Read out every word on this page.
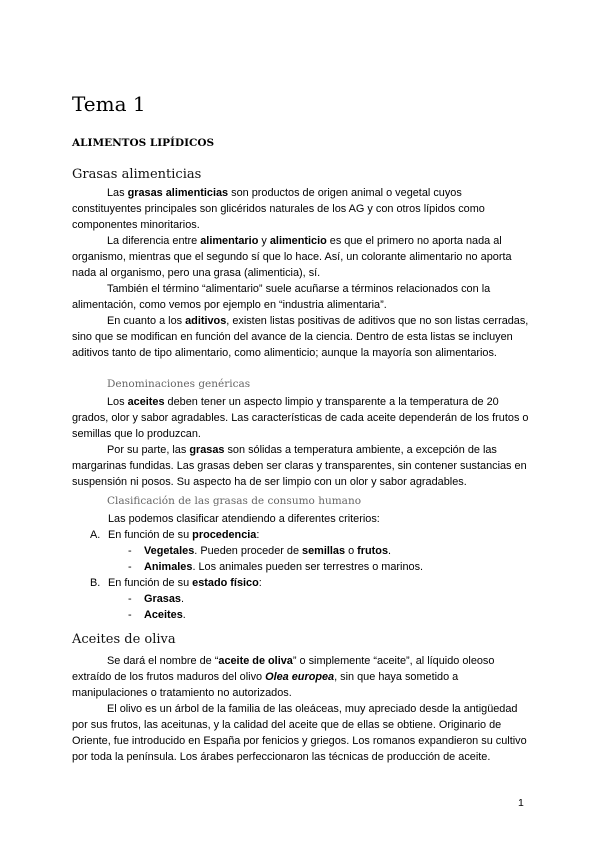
Tema 1
ALIMENTOS LIPÍDICOS
Grasas alimenticias

Las grasas alimenticias son productos de origen animal o vegetal cuyos constituyentes principales son glicéridos naturales de los AG y con otros lípidos como componentes minoritarios.

La diferencia entre alimentario y alimenticio es que el primero no aporta nada al organismo, mientras que el segundo sí que lo hace. Así, un colorante alimentario no aporta nada al organismo, pero una grasa (alimenticia), sí.

También el término “alimentario” suele acuñarse a términos relacionados con la alimentación, como vemos por ejemplo en “industria alimentaria”.

En cuanto a los aditivos, existen listas positivas de aditivos que no son listas cerradas, sino que se modifican en función del avance de la ciencia. Dentro de esta listas se incluyen aditivos tanto de tipo alimentario, como alimenticio; aunque la mayoría son alimentarios.

Denominaciones genéricas

Los aceites deben tener un aspecto limpio y transparente a la temperatura de 20 grados, olor y sabor agradables. Las características de cada aceite dependerán de los frutos o semillas que lo produzcan.

Por su parte, las grasas son sólidas a temperatura ambiente, a excepción de las margarinas fundidas. Las grasas deben ser claras y transparentes, sin contener sustancias en suspensión ni posos. Su aspecto ha de ser limpio con un olor y sabor agradables.

Clasificación de las grasas de consumo humano
Las podemos clasificar atendiendo a diferentes criterios:
A. En función de su procedencia:
- Vegetales. Pueden proceder de semillas o frutos.
- Animales. Los animales pueden ser terrestres o marinos.
B. En función de su estado físico:
- Grasas.
- Aceites.
Aceites de oliva

Se dará el nombre de “aceite de oliva” o simplemente “aceite”, al líquido oleoso extraído de los frutos maduros del olivo Olea europea, sin que haya sometido a manipulaciones o tratamiento no autorizados.

El olivo es un árbol de la familia de las oleáceas, muy apreciado desde la antigüedad por sus frutos, las aceitunas, y la calidad del aceite que de ellas se obtiene. Originario de Oriente, fue introducido en España por fenicios y griegos. Los romanos expandieron su cultivo por toda la península. Los árabes perfeccionaron las técnicas de producción de aceite.

1
